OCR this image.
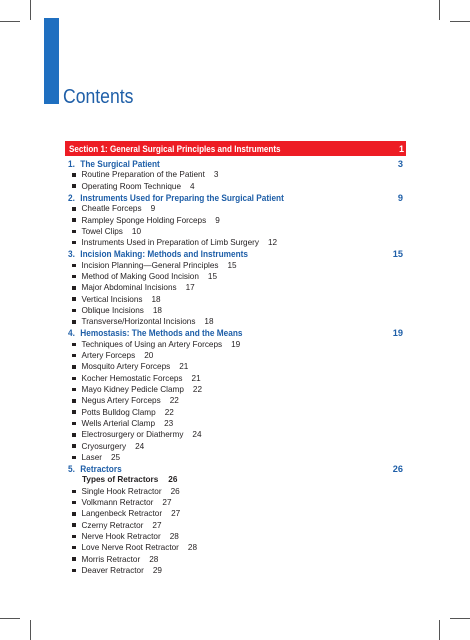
Contents
Section 1: General Surgical Principles and Instruments	1
1. The Surgical Patient	3
Routine Preparation of the Patient 3
Operating Room Technique 4
2. Instruments Used for Preparing the Surgical Patient	9
Cheatle Forceps 9
Rampley Sponge Holding Forceps 9
Towel Clips 10
Instruments Used in Preparation of Limb Surgery 12
3. Incision Making: Methods and Instruments	15
Incision Planning—General Principles 15
Method of Making Good Incision 15
Major Abdominal Incisions 17
Vertical Incisions 18
Oblique Incisions 18
Transverse/Horizontal Incisions 18
4. Hemostasis: The Methods and the Means	19
Techniques of Using an Artery Forceps 19
Artery Forceps 20
Mosquito Artery Forceps 21
Kocher Hemostatic Forceps 21
Mayo Kidney Pedicle Clamp 22
Negus Artery Forceps 22
Potts Bulldog Clamp 22
Wells Arterial Clamp 23
Electrosurgery or Diathermy 24
Cryosurgery 24
Laser 25
5. Retractors	26
Types of Retractors 26
Single Hook Retractor 26
Volkmann Retractor 27
Langenbeck Retractor 27
Czerny Retractor 27
Nerve Hook Retractor 28
Love Nerve Root Retractor 28
Morris Retractor 28
Deaver Retractor 29
